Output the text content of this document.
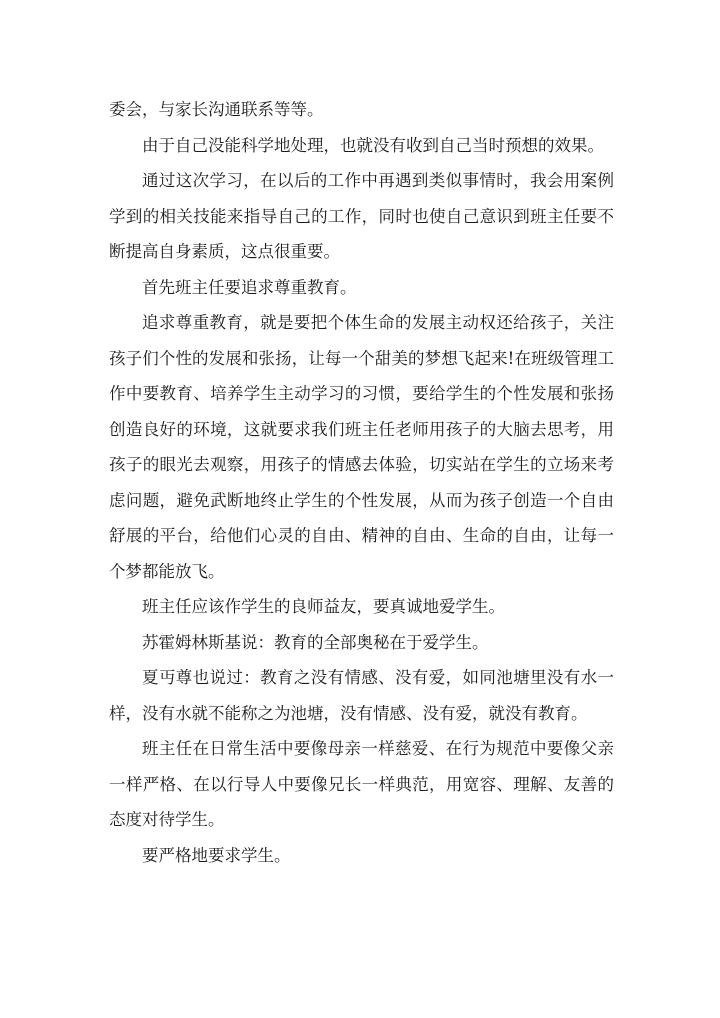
委会，与家长沟通联系等等。

由于自己没能科学地处理，也就没有收到自己当时预想的效果。

通过这次学习，在以后的工作中再遇到类似事情时，我会用案例学到的相关技能来指导自己的工作，同时也使自己意识到班主任要不断提高自身素质，这点很重要。

首先班主任要追求尊重教育。

追求尊重教育，就是要把个体生命的发展主动权还给孩子，关注孩子们个性的发展和张扬，让每一个甜美的梦想飞起来!在班级管理工作中要教育、培养学生主动学习的习惯，要给学生的个性发展和张扬创造良好的环境，这就要求我们班主任老师用孩子的大脑去思考，用孩子的眼光去观察，用孩子的情感去体验，切实站在学生的立场来考虑问题，避免武断地终止学生的个性发展，从而为孩子创造一个自由舒展的平台，给他们心灵的自由、精神的自由、生命的自由，让每一个梦都能放飞。

班主任应该作学生的良师益友，要真诚地爱学生。

苏霍姆林斯基说：教育的全部奥秘在于爱学生。

夏丏尊也说过：教育之没有情感、没有爱，如同池塘里没有水一样，没有水就不能称之为池塘，没有情感、没有爱，就没有教育。

班主任在日常生活中要像母亲一样慈爱、在行为规范中要像父亲一样严格、在以行导人中要像兄长一样典范，用宽容、理解、友善的态度对待学生。

要严格地要求学生。
